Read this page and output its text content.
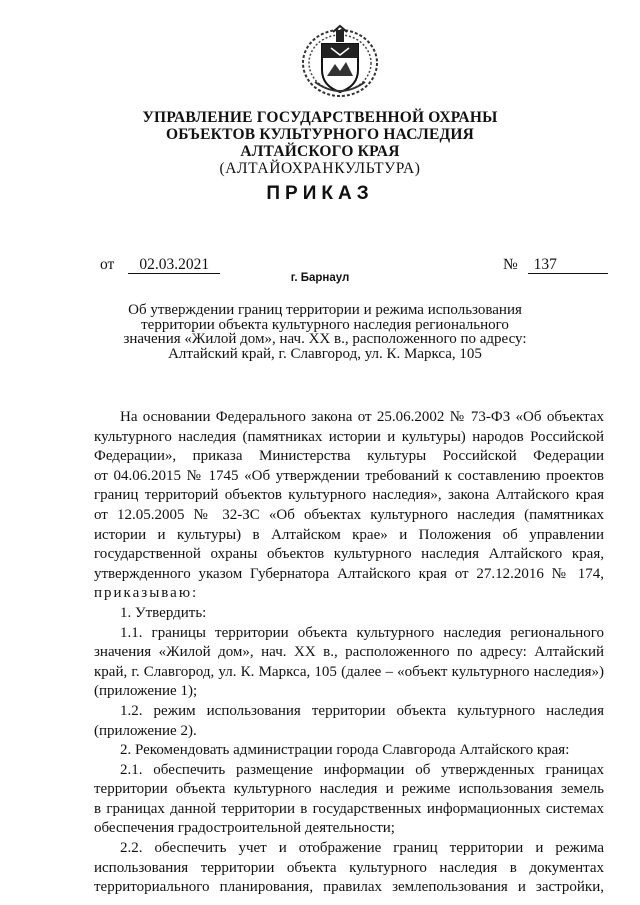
УПРАВЛЕНИЕ ГОСУДАРСТВЕННОЙ ОХРАНЫ
ОБЪЕКТОВ КУЛЬТУРНОГО НАСЛЕДИЯ
АЛТАЙСКОГО КРАЯ
(АЛТАЙОХРАНКУЛЬТУРА)
ПРИКАЗ
от 02.03.2021	№ 137
г. Барнаул
Об утверждении границ территории и режима использования
территории объекта культурного наследия регионального
значения «Жилой дом», нач. XX в., расположенного по адресу:
Алтайский край, г. Славгород, ул. К. Маркса, 105
На основании Федерального закона от 25.06.2002 № 73-ФЗ «Об объектах
культурного наследия (памятниках истории и культуры) народов Российской
Федерации», приказа Министерства культуры Российской Федерации
от 04.06.2015 № 1745 «Об утверждении требований к составлению проектов
границ территорий объектов культурного наследия», закона Алтайского края
от 12.05.2005 № 32-ЗС «Об объектах культурного наследия (памятниках
истории и культуры) в Алтайском крае» и Положения об управлении
государственной охраны объектов культурного наследия Алтайского края,
утвержденного указом Губернатора Алтайского края от 27.12.2016 № 174,
приказываю:
1. Утвердить:
1.1. границы территории объекта культурного наследия регионального
значения «Жилой дом», нач. XX в., расположенного по адресу: Алтайский
край, г. Славгород, ул. К. Маркса, 105 (далее – «объект культурного наследия»)
(приложение 1);
1.2. режим использования территории объекта культурного наследия
(приложение 2).
2. Рекомендовать администрации города Славгорода Алтайского края:
2.1. обеспечить размещение информации об утвержденных границах
территории объекта культурного наследия и режиме использования земель
в границах данной территории в государственных информационных системах
обеспечения градостроительной деятельности;
2.2. обеспечить учет и отображение границ территории и режима
использования территории объекта культурного наследия в документах
территориального планирования, правилах землепользования и застройки,
